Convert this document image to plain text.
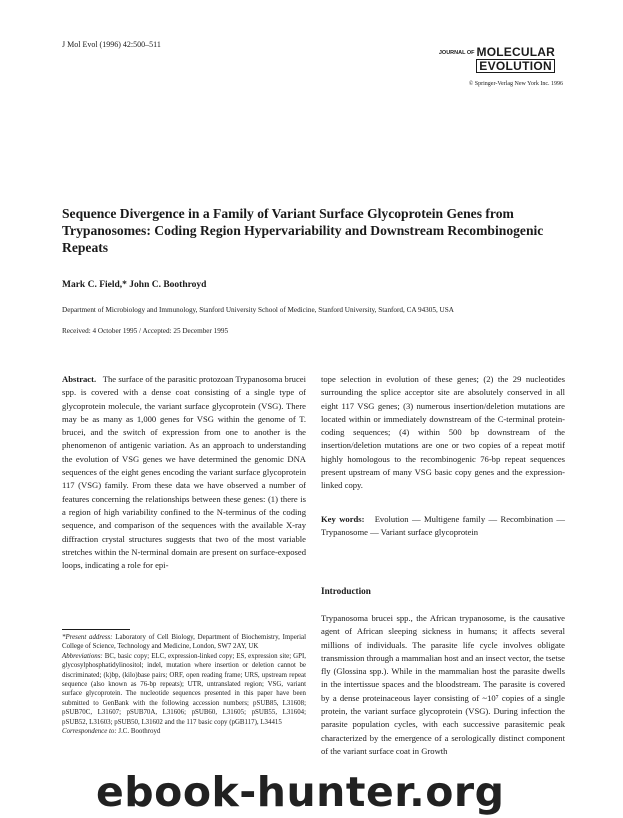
J Mol Evol (1996) 42:500–511
JOURNAL OF MOLECULAR
EVOLUTION
© Springer-Verlag New York Inc. 1996
Sequence Divergence in a Family of Variant Surface Glycoprotein Genes from Trypanosomes: Coding Region Hypervariability and Downstream Recombinogenic Repeats
Mark C. Field,* John C. Boothroyd
Department of Microbiology and Immunology, Stanford University School of Medicine, Stanford University, Stanford, CA 94305, USA
Received: 4 October 1995 / Accepted: 25 December 1995
Abstract. The surface of the parasitic protozoan Trypanosoma brucei spp. is covered with a dense coat consisting of a single type of glycoprotein molecule, the variant surface glycoprotein (VSG). There may be as many as 1,000 genes for VSG within the genome of T. brucei, and the switch of expression from one to another is the phenomenon of antigenic variation. As an approach to understanding the evolution of VSG genes we have determined the genomic DNA sequences of the eight genes encoding the variant surface glycoprotein 117 (VSG) family. From these data we have observed a number of features concerning the relationships between these genes: (1) there is a region of high variability confined to the N-terminus of the coding sequence, and comparison of the sequences with the available X-ray diffraction crystal structures suggests that two of the most variable stretches within the N-terminal domain are present on surface-exposed loops, indicating a role for epi-
tope selection in evolution of these genes; (2) the 29 nucleotides surrounding the splice acceptor site are absolutely conserved in all eight 117 VSG genes; (3) numerous insertion/deletion mutations are located within or immediately downstream of the C-terminal protein-coding sequences; (4) within 500 bp downstream of the insertion/deletion mutations are one or two copies of a repeat motif highly homologous to the recombinogenic 76-bp repeat sequences present upstream of many VSG basic copy genes and the expression-linked copy.
Key words: Evolution — Multigene family — Recombination — Trypanosome — Variant surface glycoprotein
Introduction
Trypanosoma brucei spp., the African trypanosome, is the causative agent of African sleeping sickness in humans; it affects several millions of individuals. The parasite life cycle involves obligate transmission through a mammalian host and an insect vector, the tsetse fly (Glossina spp.). While in the mammalian host the parasite dwells in the intertissue spaces and the bloodstream. The parasite is covered by a dense proteinaceous layer consisting of ~10⁷ copies of a single protein, the variant surface glycoprotein (VSG). During infection the parasite population cycles, with each successive parasitemic peak characterized by the emergence of a serologically distinct component of the variant surface coat in Growth
*Present address: Laboratory of Cell Biology, Department of Biochemistry, Imperial College of Science, Technology and Medicine, London, SW7 2AY, UK
Abbreviations: BC, basic copy; ELC, expression-linked copy; ES, expression site; GPI, glycosylphosphatidylinositol; indel, mutation where insertion or deletion cannot be discriminated; (k)bp, (kilo)base pairs; ORF, open reading frame; URS, upstream repeat sequence (also known as 76-bp repeats); UTR, untranslated region; VSG, variant surface glycoprotein. The nucleotide sequences presented in this paper have been submitted to GenBank with the following accession numbers; pSUB85, L31608; pSUB70C, L31607; pSUB70A, L31606; pSUB60, L31605; pSUB55, L31604; pSUB52, L31603; pSUB50, L31602 and the 117 basic copy (pGB117), L34415
Correspondence to: J.C. Boothroyd
ebook-hunter.org
